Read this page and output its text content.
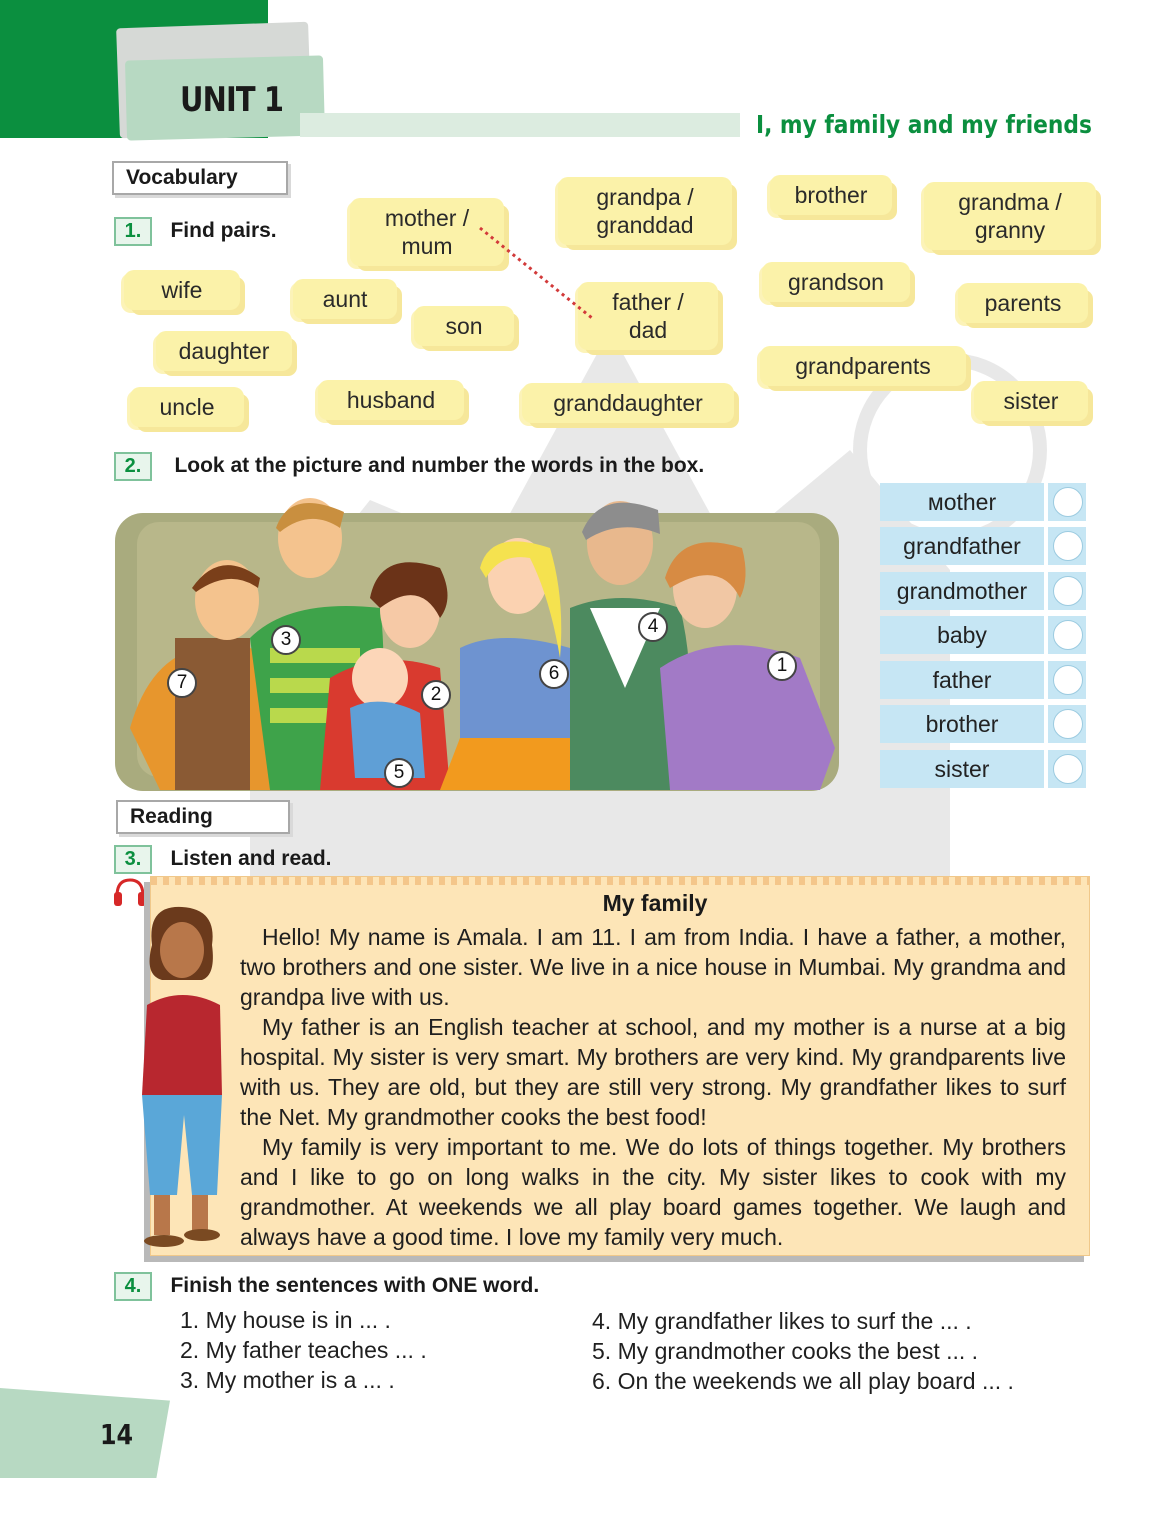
UNIT 1
I, my family and my friends
Vocabulary
1. Find pairs.	mother /
mum
grandpa /
granddad
brother	grandma /
granny
wife	aunt
son
father /
dad
grandson
parents
daughter
grandparents
uncle	husband	granddaughter	sister
2. Look at the picture and number the words in the box.
1
2
3
4
5
6
7
мother
grandfather
grandmother
baby
father
brother
sister
Reading
3. Listen and read.
My family

Hello! My name is Amala. I am 11. I am from India. I have a father, a mother, two brothers and one sister. We live in a nice house in Mumbai. My grandma and grandpa live with us.

My father is an English teacher at school, and my mother is a nurse at a big hospital. My sister is very smart. My brothers are very kind. My grandparents live with us. They are old, but they are still very strong. My grandfather likes to surf the Net. My grandmother cooks the best food!

My family is very important to me. We do lots of things together. My brothers and I like to go on long walks in the city. My sister likes to cook with my grandmother. At weekends we all play board games together. We laugh and always have a good time. I love my family very much.

4. Finish the sentences with ONE word.
1. My house is in ... .
2. My father teaches ... .
3. My mother is a ... .
4. My grandfather likes to surf the ... .
5. My grandmother cooks the best ... .
6. On the weekends we all play board ... .
14
